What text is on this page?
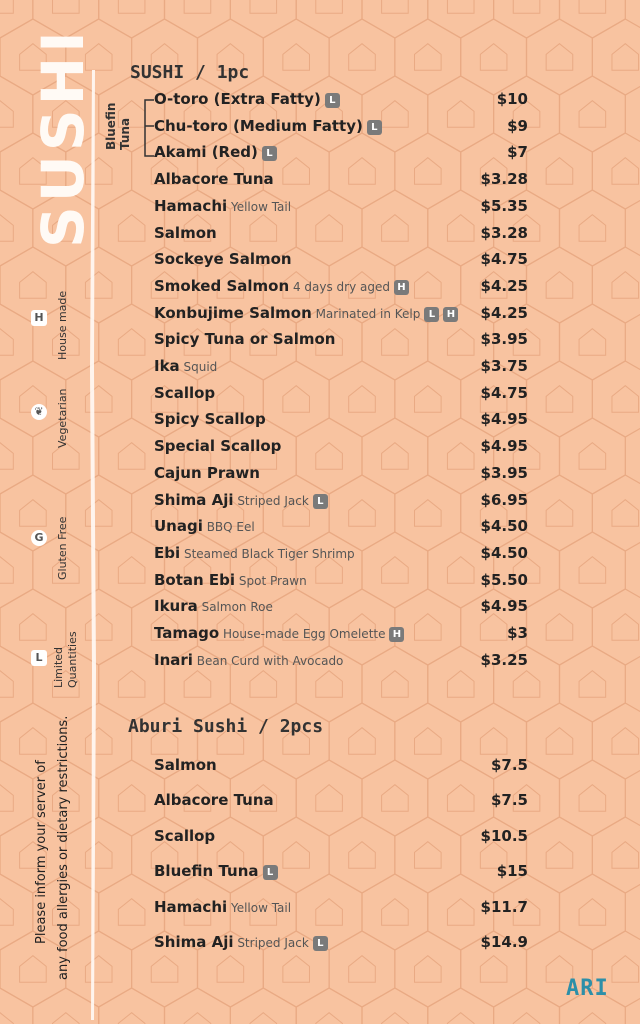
SUSHI
H	House made
❦	Vegetarian
G	Gluten Free
L Limited Quantities
Please inform your server of any food allergies or dietary restrictions.
SUSHI / 1pc
Bluefin Tuna
O-toro (Extra Fatty) L	$10
Chu-toro (Medium Fatty) L	$9
Akami (Red) L	$7
Albacore Tuna	$3.28
Hamachi Yellow Tail	$5.35
Salmon	$3.28
Sockeye Salmon	$4.75
Smoked Salmon 4 days dry aged H	$4.25
Konbujime Salmon Marinated in Kelp L H $4.25
Spicy Tuna or Salmon	$3.95
Ika Squid	$3.75
Scallop	$4.75
Spicy Scallop	$4.95
Special Scallop	$4.95
Cajun Prawn	$3.95
Shima Aji Striped Jack L	$6.95
Unagi BBQ Eel	$4.50
Ebi Steamed Black Tiger Shrimp	$4.50
Botan Ebi Spot Prawn	$5.50
Ikura Salmon Roe	$4.95
Tamago House-made Egg Omelette H	$3
Inari Bean Curd with Avocado	$3.25
Aburi Sushi / 2pcs
Salmon	$7.5
Albacore Tuna	$7.5
Scallop	$10.5
Bluefin Tuna L	$15
Hamachi Yellow Tail	$11.7
Shima Aji Striped Jack L	$14.9
ARI
